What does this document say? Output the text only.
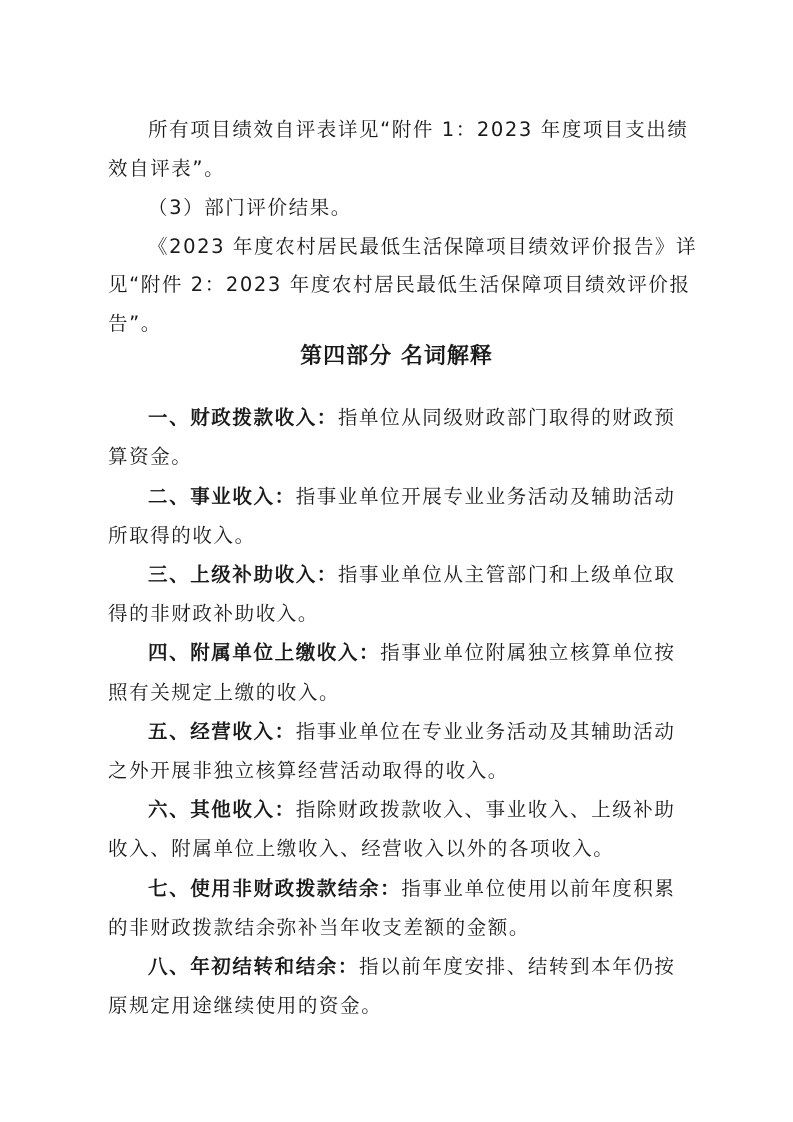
所有项目绩效自评表详见“附件 1：2023 年度项目支出绩
效自评表”。
（3）部门评价结果。
《2023 年度农村居民最低生活保障项目绩效评价报告》详
见“附件 2：2023 年度农村居民最低生活保障项目绩效评价报
告”。
第四部分 名词解释
一、财政拨款收入：指单位从同级财政部门取得的财政预
算资金。
二、事业收入：指事业单位开展专业业务活动及辅助活动
所取得的收入。
三、上级补助收入：指事业单位从主管部门和上级单位取
得的非财政补助收入。
四、附属单位上缴收入：指事业单位附属独立核算单位按
照有关规定上缴的收入。
五、经营收入：指事业单位在专业业务活动及其辅助活动
之外开展非独立核算经营活动取得的收入。
六、其他收入：指除财政拨款收入、事业收入、上级补助
收入、附属单位上缴收入、经营收入以外的各项收入。
七、使用非财政拨款结余：指事业单位使用以前年度积累
的非财政拨款结余弥补当年收支差额的金额。
八、年初结转和结余：指以前年度安排、结转到本年仍按
原规定用途继续使用的资金。
